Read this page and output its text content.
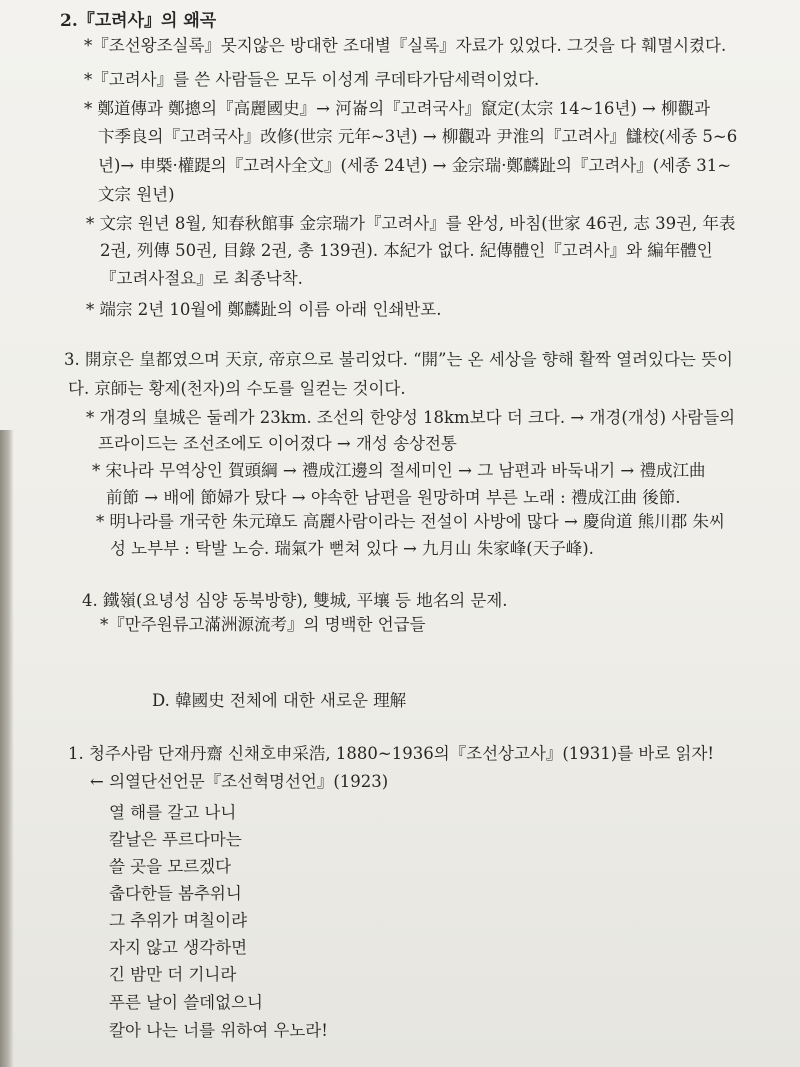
2.『고려사』의 왜곡
*『조선왕조실록』못지않은 방대한 조대별『실록』자료가 있었다. 그것을 다 훼멸시켰다.
*『고려사』를 쓴 사람들은 모두 이성계 쿠데타가담세력이었다.
* 鄭道傳과 鄭摠의『高麗國史』→ 河崙의『고려국사』竄定(太宗 14~16년) → 柳觀과
卞季良의『고려국사』改修(世宗 元年~3년) → 柳觀과 尹淮의『고려사』讎校(세종 5~6
년)→ 申槩·權踶의『고려사全文』(세종 24년) → 金宗瑞·鄭麟趾의『고려사』(세종 31~
文宗 원년)
* 文宗 원년 8월, 知春秋館事 金宗瑞가『고려사』를 완성, 바침(世家 46권, 志 39권, 年表
2권, 列傳 50권, 目錄 2권, 총 139권). 本紀가 없다. 紀傳體인『고려사』와 編年體인
『고려사절요』로 최종낙착.
* 端宗 2년 10월에 鄭麟趾의 이름 아래 인쇄반포.
3. 開京은 皇都였으며 天京, 帝京으로 불리었다. “開”는 온 세상을 향해 활짝 열려있다는 뜻이
다. 京師는 황제(천자)의 수도를 일컫는 것이다.
* 개경의 皇城은 둘레가 23km. 조선의 한양성 18km보다 더 크다. → 개경(개성) 사람들의
프라이드는 조선조에도 이어졌다 → 개성 송상전통
* 宋나라 무역상인 賀頭綱 → 禮成江邊의 절세미인 → 그 남편과 바둑내기 → 禮成江曲
前節 → 배에 節婦가 탔다 → 야속한 남편을 원망하며 부른 노래 : 禮成江曲 後節.
* 明나라를 개국한 朱元璋도 高麗사람이라는 전설이 사방에 많다 → 慶尙道 熊川郡 朱씨
성 노부부 : 탁발 노승. 瑞氣가 뻗쳐 있다 → 九月山 朱家峰(天子峰).
4. 鐵嶺(요녕성 심양 동북방향), 雙城, 平壤 등 地名의 문제.
*『만주원류고滿洲源流考』의 명백한 언급들
D. 韓國史 전체에 대한 새로운 理解
1. 청주사람 단재丹齋 신채호申采浩, 1880~1936의『조선상고사』(1931)를 바로 읽자!
← 의열단선언문『조선혁명선언』(1923)
열 해를 갈고 나니
칼날은 푸르다마는
쓸 곳을 모르겠다
춥다한들 봄추위니
그 추위가 며칠이랴
자지 않고 생각하면
긴 밤만 더 기니라
푸른 날이 쓸데없으니
칼아 나는 너를 위하여 우노라!
